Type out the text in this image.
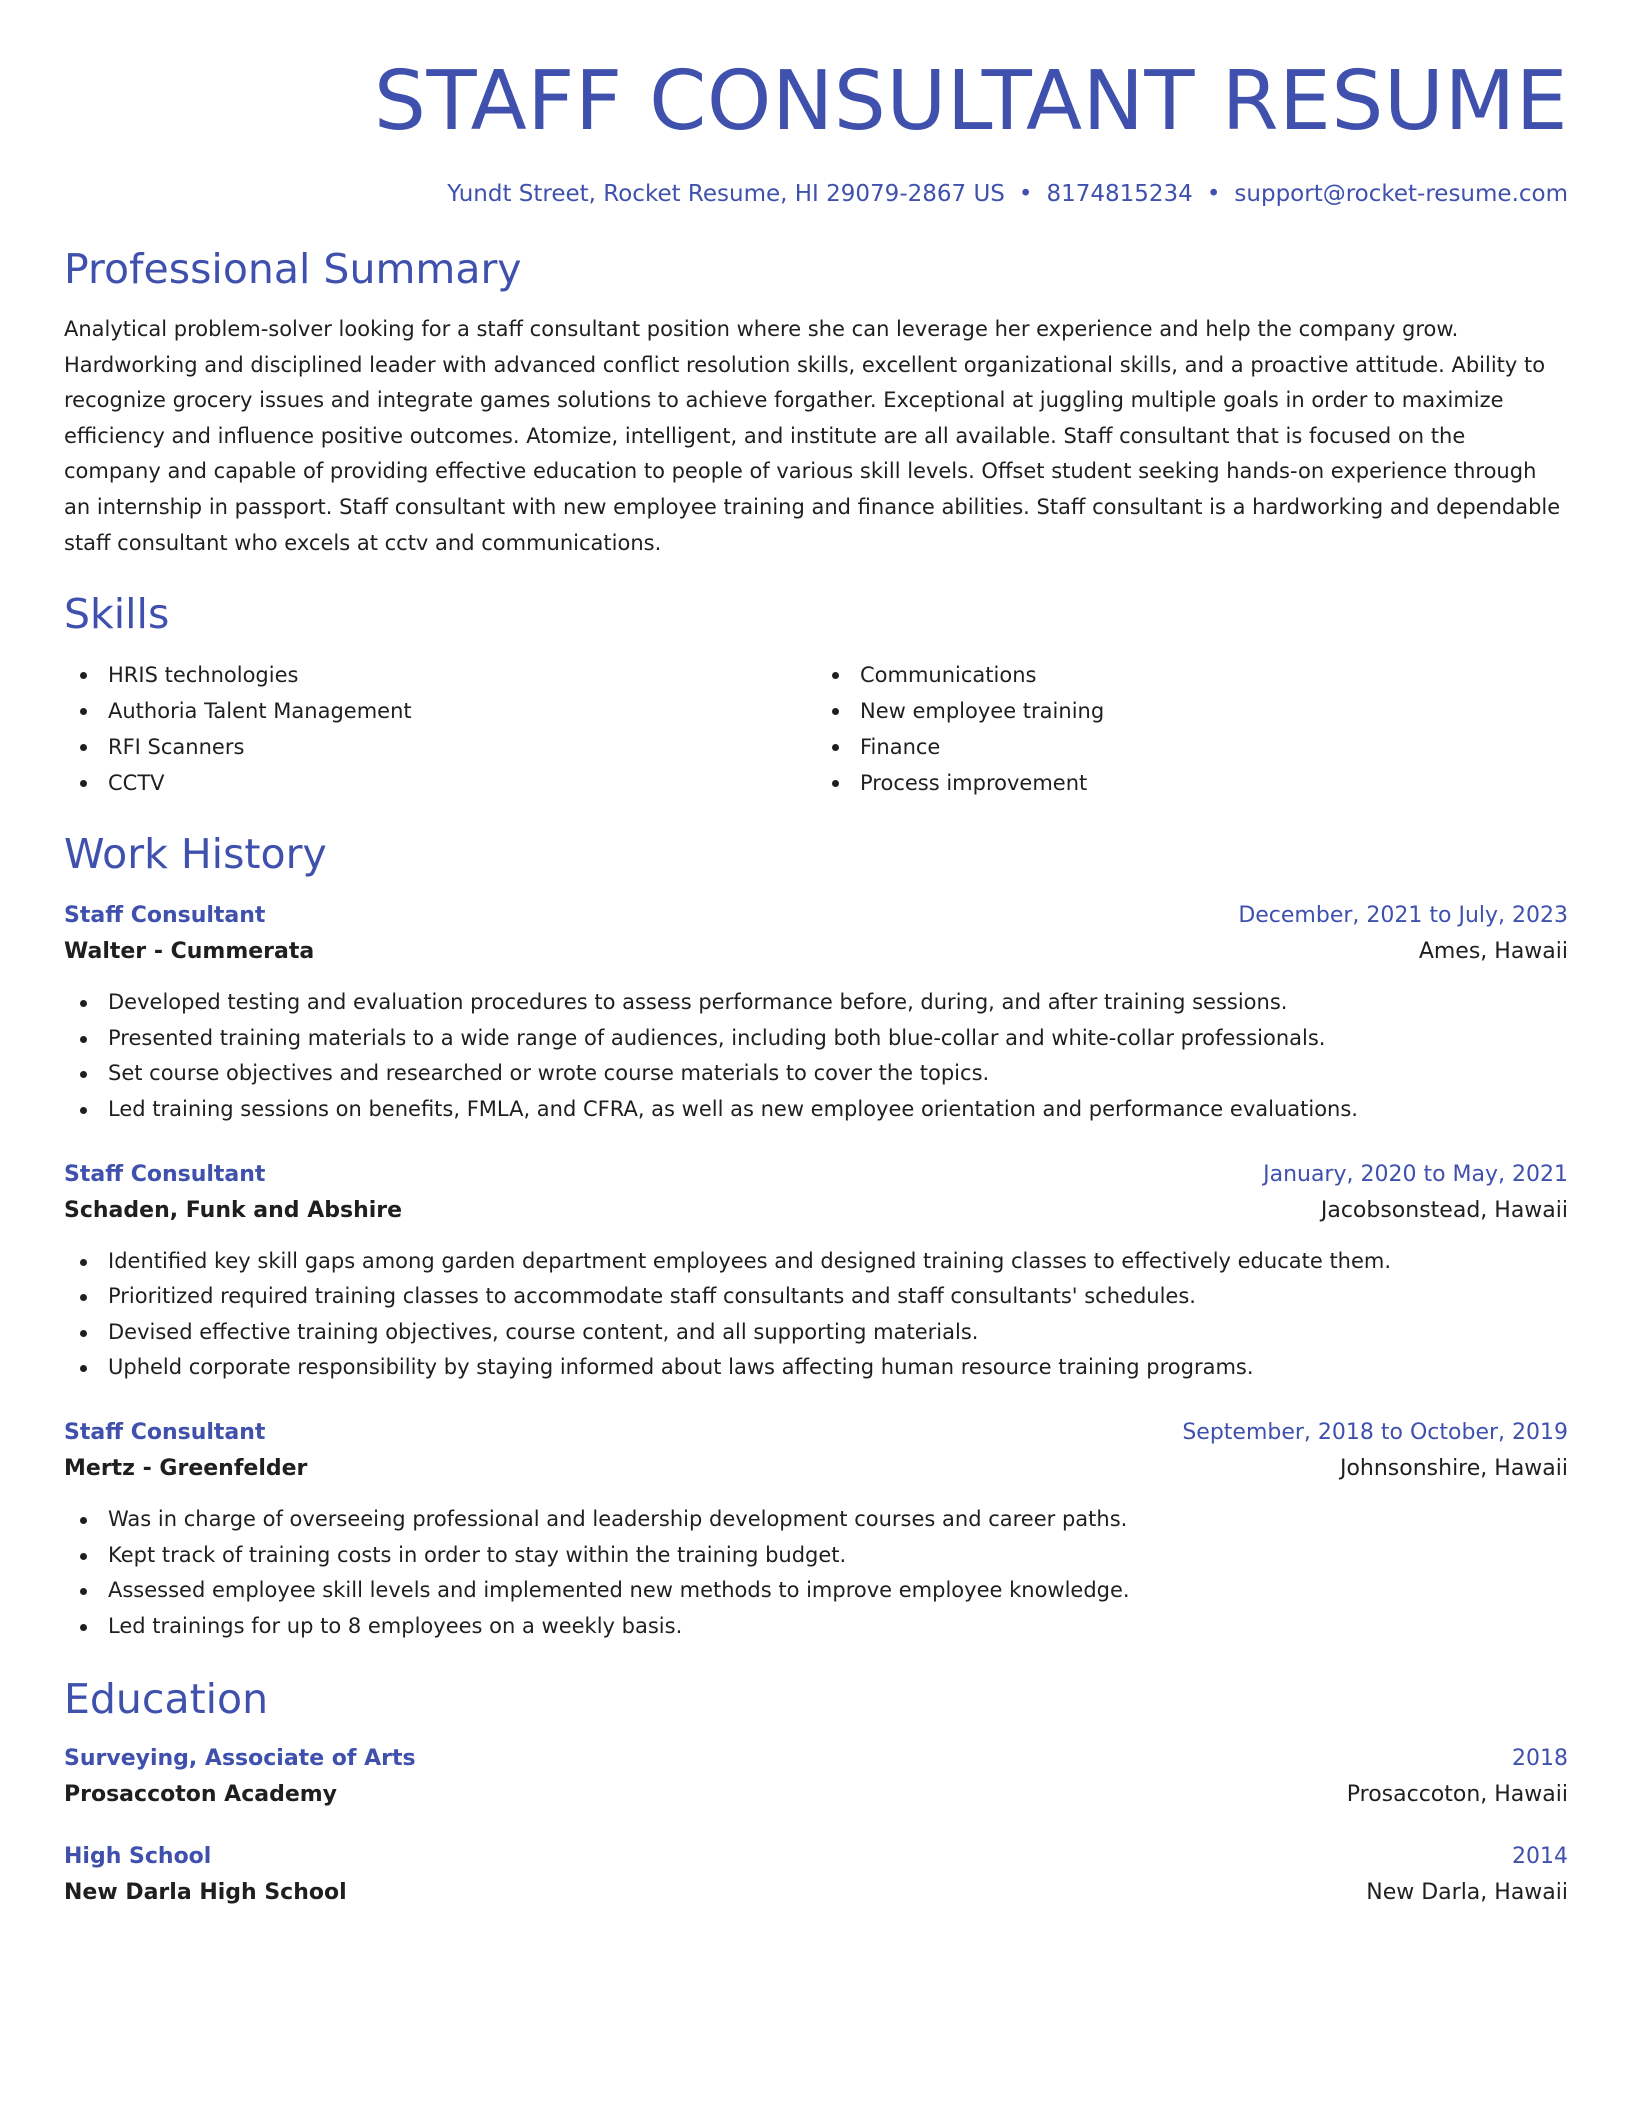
STAFF CONSULTANT RESUME
Yundt Street, Rocket Resume, HI 29079-2867 US • 8174815234 • support@rocket-resume.com
Professional Summary
Analytical problem-solver looking for a staff consultant position where she can leverage her experience and help the company grow. Hardworking and disciplined leader with advanced conflict resolution skills, excellent organizational skills, and a proactive attitude. Ability to recognize grocery issues and integrate games solutions to achieve forgather. Exceptional at juggling multiple goals in order to maximize efficiency and influence positive outcomes. Atomize, intelligent, and institute are all available. Staff consultant that is focused on the company and capable of providing effective education to people of various skill levels. Offset student seeking hands-on experience through an internship in passport. Staff consultant with new employee training and finance abilities. Staff consultant is a hardworking and dependable staff consultant who excels at cctv and communications.
Skills
HRIS technologies
Authoria Talent Management
RFI Scanners
CCTV
Communications
New employee training
Finance
Process improvement
Work History
Staff Consultant	December, 2021 to July, 2023
Walter - Cummerata	Ames, Hawaii
Developed testing and evaluation procedures to assess performance before, during, and after training sessions.
Presented training materials to a wide range of audiences, including both blue-collar and white-collar professionals.
Set course objectives and researched or wrote course materials to cover the topics.
Led training sessions on benefits, FMLA, and CFRA, as well as new employee orientation and performance evaluations.
Staff Consultant	January, 2020 to May, 2021
Schaden, Funk and Abshire	Jacobsonstead, Hawaii
Identified key skill gaps among garden department employees and designed training classes to effectively educate them.
Prioritized required training classes to accommodate staff consultants and staff consultants' schedules.
Devised effective training objectives, course content, and all supporting materials.
Upheld corporate responsibility by staying informed about laws affecting human resource training programs.
Staff Consultant	September, 2018 to October, 2019
Mertz - Greenfelder	Johnsonshire, Hawaii
Was in charge of overseeing professional and leadership development courses and career paths.
Kept track of training costs in order to stay within the training budget.
Assessed employee skill levels and implemented new methods to improve employee knowledge.
Led trainings for up to 8 employees on a weekly basis.
Education
Surveying, Associate of Arts	2018
Prosaccoton Academy	Prosaccoton, Hawaii
High School	2014
New Darla High School	New Darla, Hawaii
